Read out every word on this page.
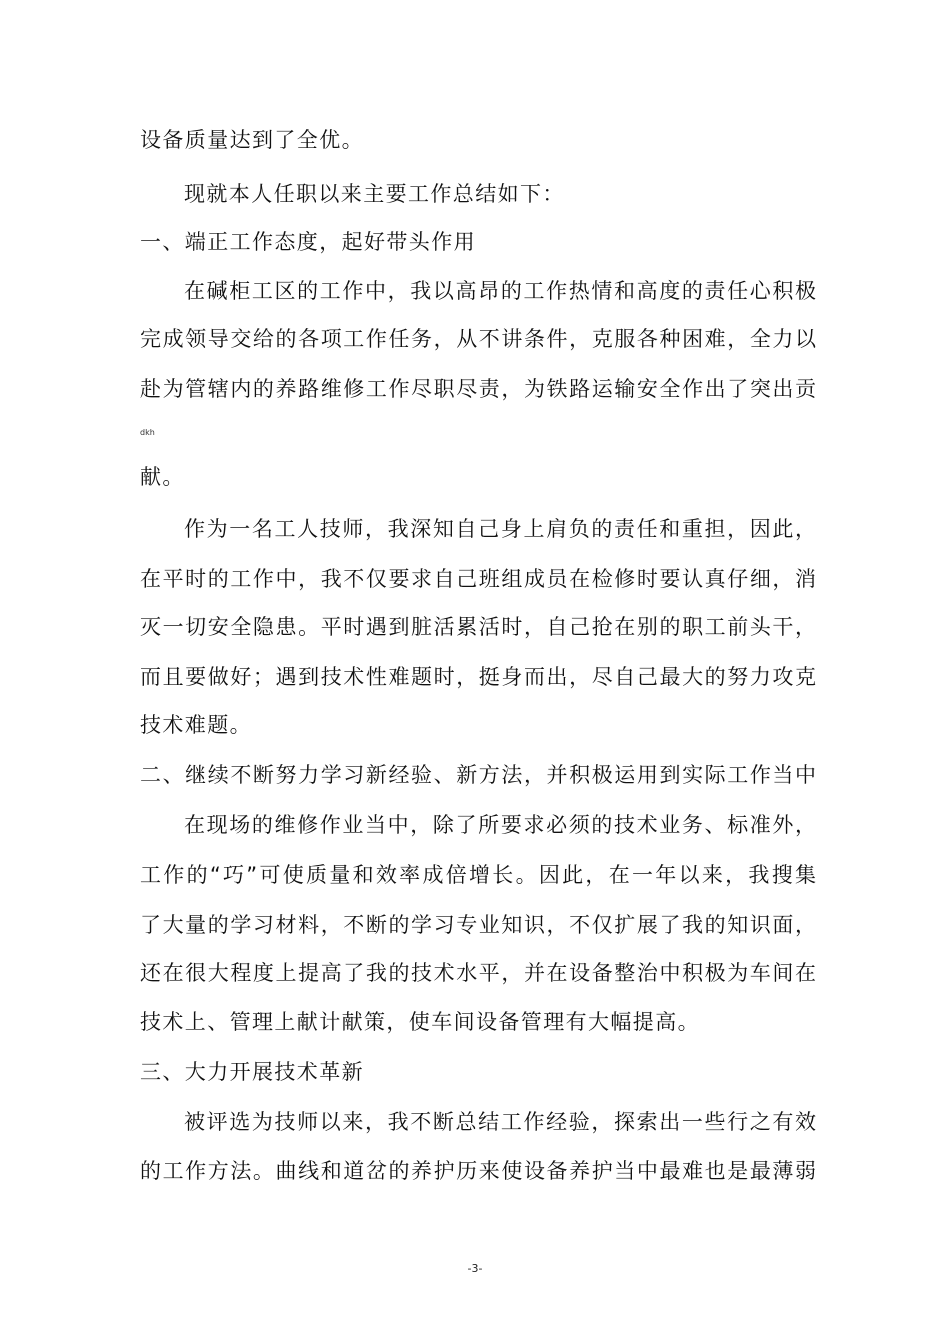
设备质量达到了全优。
现就本人任职以来主要工作总结如下：
一、端正工作态度，起好带头作用
在碱柜工区的工作中，我以高昂的工作热情和高度的责任心积极
完成领导交给的各项工作任务，从不讲条件，克服各种困难，全力以
赴为管辖内的养路维修工作尽职尽责，为铁路运输安全作出了突出贡
dkh
献。
作为一名工人技师，我深知自己身上肩负的责任和重担，因此，
在平时的工作中，我不仅要求自己班组成员在检修时要认真仔细，消
灭一切安全隐患。平时遇到脏活累活时，自己抢在别的职工前头干，
而且要做好；遇到技术性难题时，挺身而出，尽自己最大的努力攻克
技术难题。
二、继续不断努力学习新经验、新方法，并积极运用到实际工作当中
在现场的维修作业当中，除了所要求必须的技术业务、标准外，
工作的“巧”可使质量和效率成倍增长。因此，在一年以来，我搜集
了大量的学习材料，不断的学习专业知识，不仅扩展了我的知识面，
还在很大程度上提高了我的技术水平，并在设备整治中积极为车间在
技术上、管理上献计献策，使车间设备管理有大幅提高。
三、大力开展技术革新
被评选为技师以来，我不断总结工作经验，探索出一些行之有效
的工作方法。曲线和道岔的养护历来使设备养护当中最难也是最薄弱
-3-
